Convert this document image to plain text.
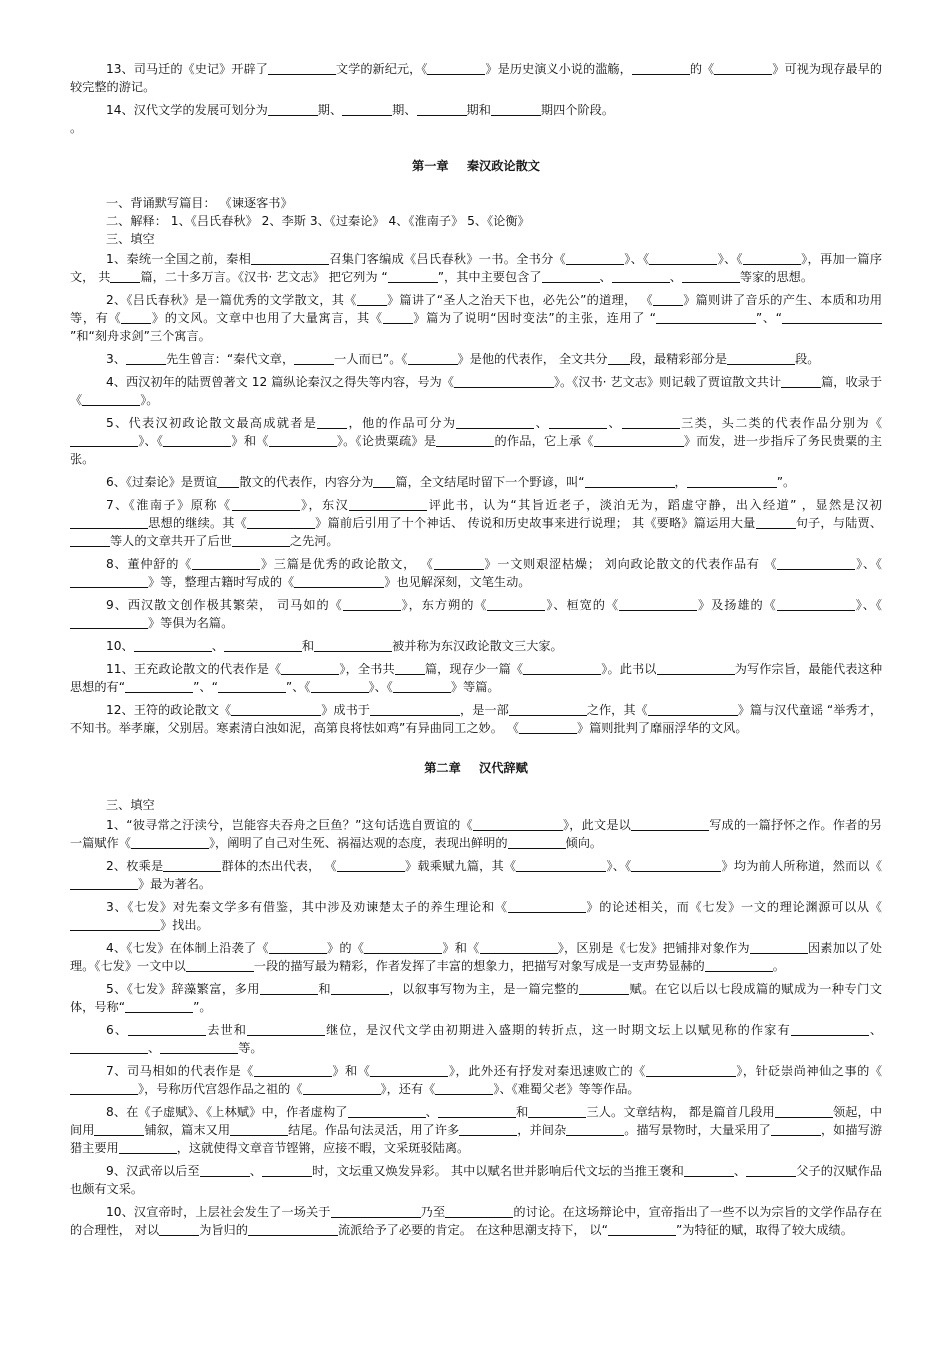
13、司马迁的《史记》开辟了	文学的新纪元，《	》是历史演义小说的滥觞，	的《	》可视为现存最早的较完整的游记。

14、汉代文学的发展可划分为	期、	期、	期和	期四个阶段。

。

第一章 秦汉政论散文

一、背诵默写篇目： 《谏逐客书》

二、解释： 1、《吕氏春秋》 2、李斯 3、《过秦论》 4、《淮南子》 5、《论衡》

三、填空

1、秦统一全国之前，秦相	召集门客编成《吕氏春秋》一书。全书分《	》、《	》、《	》，再加一篇序文， 共 篇，二十多万言。《汉书· 艺文志》 把它列为 “	”，其中主要包含了	、	、	等家的思想。

2、《吕氏春秋》是一篇优秀的文学散文，其《 》篇讲了“圣人之治天下也，必先公”的道理， 《 》篇则讲了音乐的产生、本质和功用等，有《 》的文风。文章中也用了大量寓言，其《 》篇为了说明“因时变法”的主张，连用了 “	”、“”和“刻舟求剑”三个寓言。

3、	先生曾言：“秦代文章，	一人而已”。《	》是他的代表作， 全文共分 段，最精彩部分是	段。

4、西汉初年的陆贾曾著文 12 篇纵论秦汉之得失等内容，号为《	》。《汉书· 艺文志》则记载了贾谊散文共计	篇，收录于《	》。

5、代表汉初政论散文最高成就者是 ，他的作品可分为	、	、	三类，头二类的代表作品分别为《》、《	》和《	》。《论贵粟疏》是	的作品，它上承《	》而发，进一步指斥了务民贵粟的主张。

6、《过秦论》是贾谊 散文的代表作，内容分为 篇，全文结尾时留下一个野谚，叫“	，	”。

7、《淮南子》原称《	》，东汉	评此书，认为“其旨近老子，淡泊无为，蹈虚守静，出入经道” ，显然是汉初思想的继续。其《	》篇前后引用了十个神话、 传说和历史故事来进行说理； 其《要略》篇运用大量	句子，与陆贾、等人的文章共开了后世	之先河。

8、董仲舒的《	》三篇是优秀的政论散文， 《	》一文则艰涩枯燥； 刘向政论散文的代表作品有 《	》、《》等，整理古籍时写成的《	》也见解深刻，文笔生动。

9、西汉散文创作极其繁荣， 司马如的《	》，东方朔的《	》、桓宽的《	》及扬雄的《	》、《》等俱为名篇。

10、	、	和	被并称为东汉政论散文三大家。

11、王充政论散文的代表作是《	》，全书共 篇，现存少一篇《	》。此书以	为写作宗旨，最能代表这种思想的有“	”、“	”、《	》、《	》等篇。

12、王符的政论散文《	》成书于	，是一部	之作，其《	》篇与汉代童谣 “举秀才，不知书。举孝廉，父别居。寒素清白浊如泥，高第良将怯如鸡”有异曲同工之妙。 《	》篇则批判了靡丽浮华的文风。

第二章 汉代辞赋

三、填空

1、“彼寻常之汙渎兮，岂能容夫吞舟之巨鱼？”这句话选自贾谊的《	》，此文是以	写成的一篇抒怀之作。作者的另一篇赋作《	》，阐明了自己对生死、祸福达观的态度，表现出鲜明的	倾向。

2、枚乘是	群体的杰出代表， 《	》载乘赋九篇，其《	》、《	》均为前人所称道，然而以《》最为著名。

3、《七发》对先秦文学多有借鉴，其中涉及劝谏楚太子的养生理论和《	》的论述相关，而《七发》一文的理论渊源可以从《》找出。

4、《七发》在体制上沿袭了《	》的《	》和《	》，区别是《七发》把铺排对象作为	因素加以了处理。《七发》一文中以	一段的描写最为精彩，作者发挥了丰富的想象力，把描写对象写成是一支声势显赫的	。

5、《七发》辞藻繁富，多用	和	，以叙事写物为主，是一篇完整的	赋。在它以后以七段成篇的赋成为一种专门文体，号称“	”。

6、	去世和	继位，是汉代文学由初期进入盛期的转折点，这一时期文坛上以赋见称的作家有	、、	等。

7、司马相如的代表作是《	》和《	》，此外还有抒发对秦迅速败亡的《	》，针砭崇尚神仙之事的《》，号称历代宫怨作品之祖的《	》，还有《	》、《难蜀父老》等等作品。

8、在《子虚赋》、《上林赋》中，作者虚构了	、	和	三人。文章结构， 都是篇首几段用	领起，中间用	铺叙，篇末又用	结尾。作品句法灵活，用了许多	，并间杂	。描写景物时，大量采用了	，如描写游猎主要用	，这就使得文章音节铿锵，应接不暇，文采斑驳陆离。

9、汉武帝以后至	、	时，文坛重又焕发异彩。 其中以赋名世并影响后代文坛的当推王褒和	、	父子的汉赋作品也颇有文采。

10、汉宣帝时，上层社会发生了一场关于	乃至	的讨论。在这场辩论中，宣帝指出了一些不以为宗旨的文学作品存在的合理性， 对以	为旨归的	流派给予了必要的肯定。 在这种思潮支持下， 以“	”为特征的赋，取得了较大成绩。
